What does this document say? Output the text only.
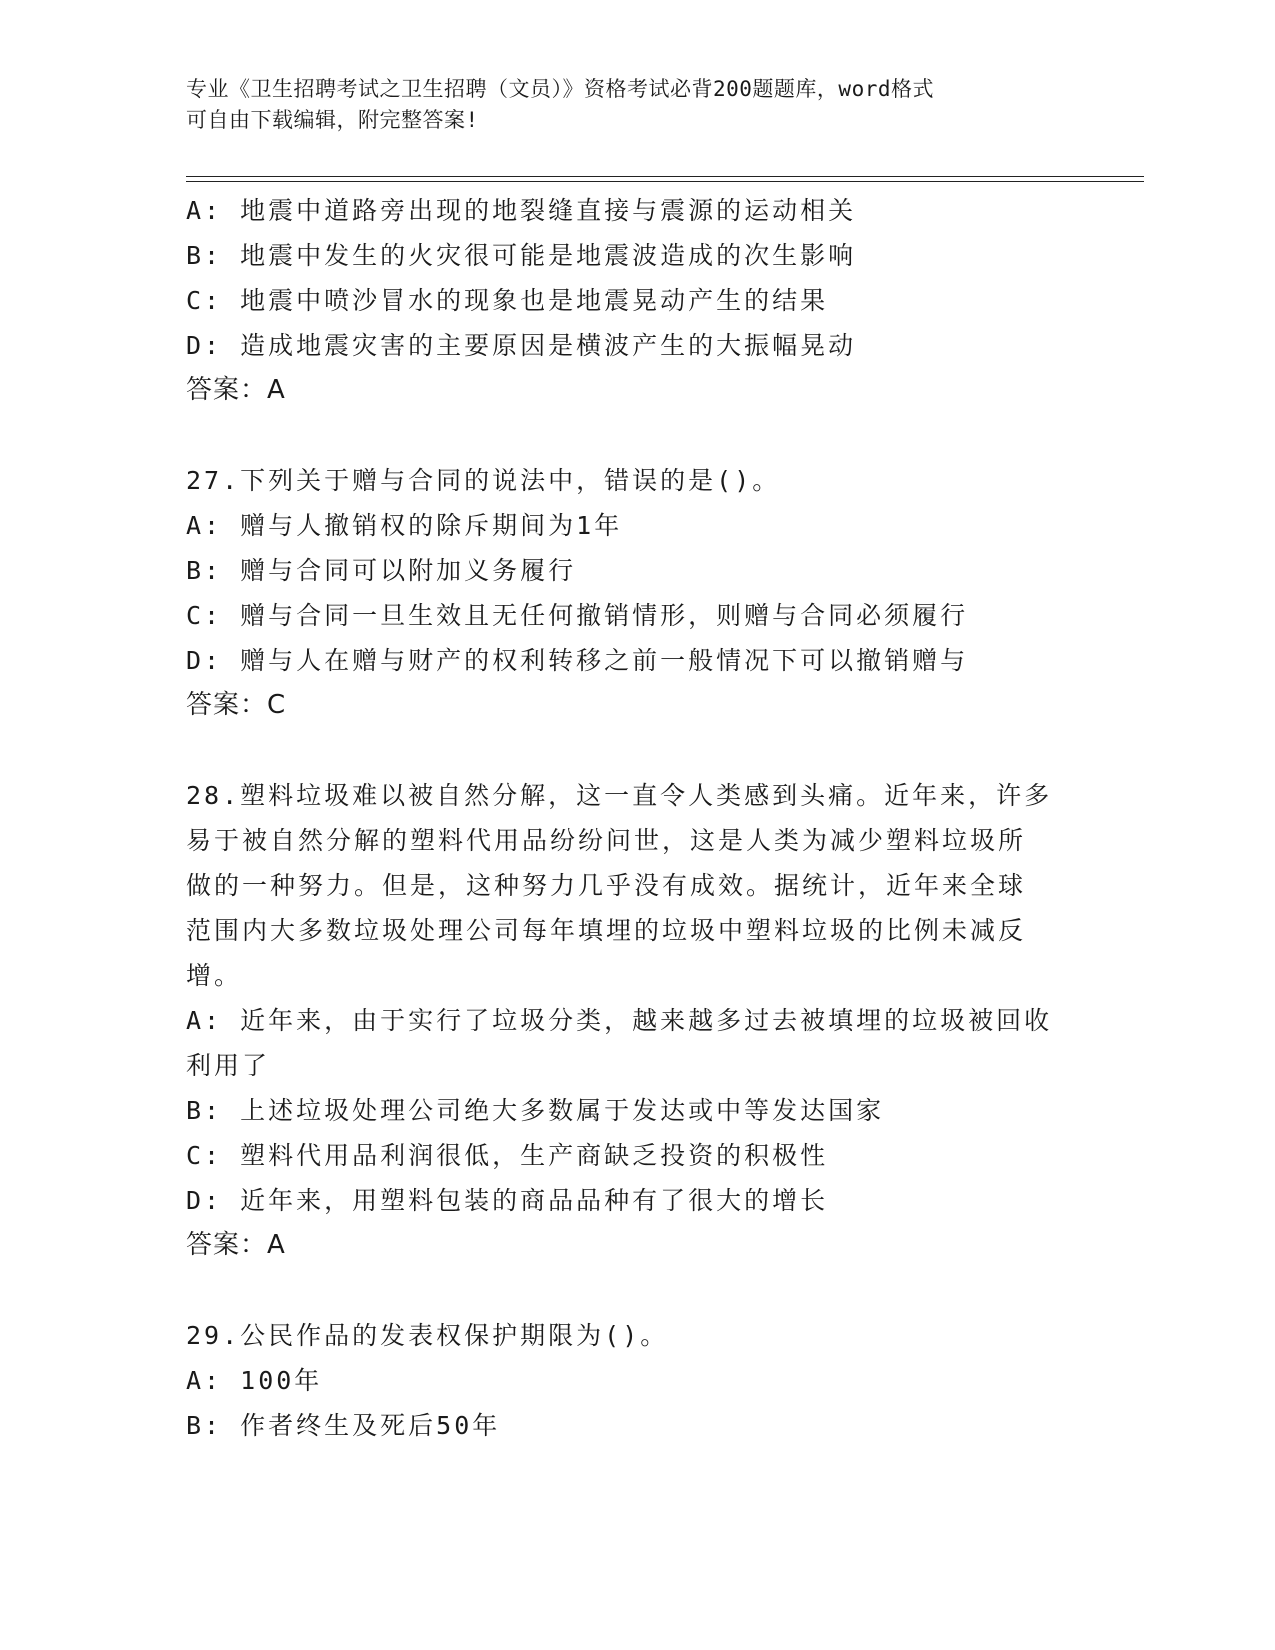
专业《卫生招聘考试之卫生招聘（文员）》资格考试必背200题题库，word格式
可自由下载编辑，附完整答案!
A: 地震中道路旁出现的地裂缝直接与震源的运动相关
B: 地震中发生的火灾很可能是地震波造成的次生影响
C: 地震中喷沙冒水的现象也是地震晃动产生的结果
D: 造成地震灾害的主要原因是横波产生的大振幅晃动
答案：A
27.下列关于赠与合同的说法中，错误的是()。
A: 赠与人撤销权的除斥期间为1年
B: 赠与合同可以附加义务履行
C: 赠与合同一旦生效且无任何撤销情形，则赠与合同必须履行
D: 赠与人在赠与财产的权利转移之前一般情况下可以撤销赠与
答案：C
28.塑料垃圾难以被自然分解，这一直令人类感到头痛。近年来，许多
易于被自然分解的塑料代用品纷纷问世，这是人类为减少塑料垃圾所
做的一种努力。但是，这种努力几乎没有成效。据统计，近年来全球
范围内大多数垃圾处理公司每年填埋的垃圾中塑料垃圾的比例未减反
增。
A: 近年来，由于实行了垃圾分类，越来越多过去被填埋的垃圾被回收
利用了
B: 上述垃圾处理公司绝大多数属于发达或中等发达国家
C: 塑料代用品利润很低，生产商缺乏投资的积极性
D: 近年来，用塑料包装的商品品种有了很大的增长
答案：A
29.公民作品的发表权保护期限为()。
A: 100年
B: 作者终生及死后50年
